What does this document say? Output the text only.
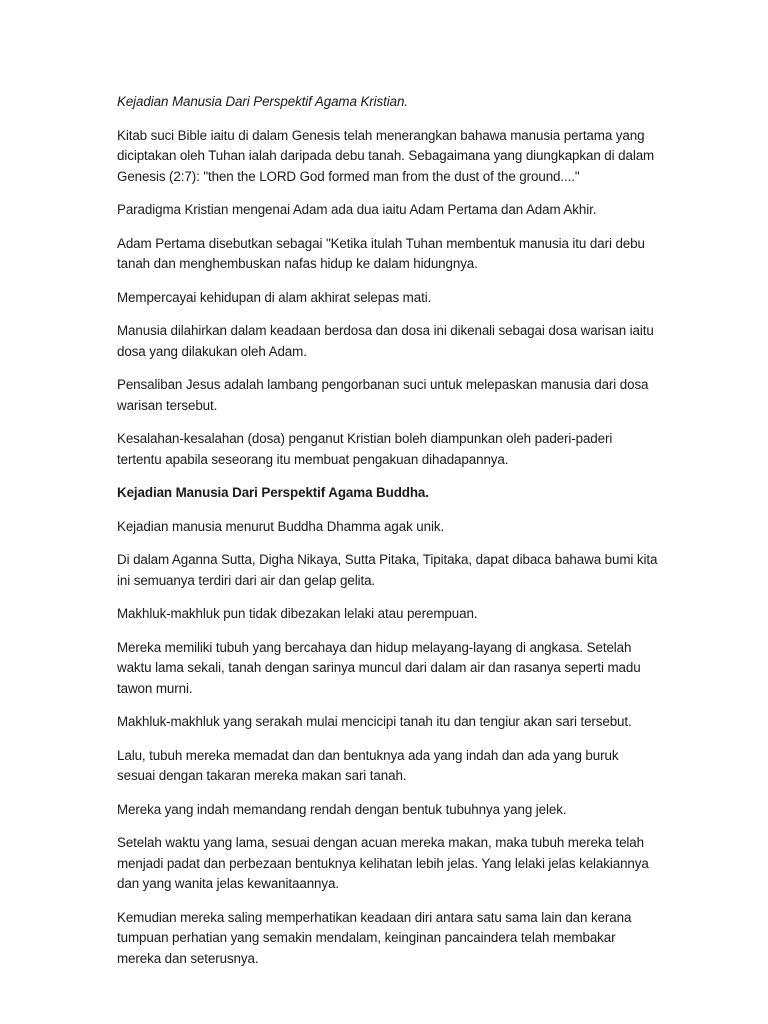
Kejadian Manusia Dari Perspektif Agama Kristian.

Kitab suci Bible iaitu di dalam Genesis telah menerangkan bahawa manusia pertama yang diciptakan oleh Tuhan ialah daripada debu tanah. Sebagaimana yang diungkapkan di dalam Genesis (2:7): "then the LORD God formed man from the dust of the ground...."

Paradigma Kristian mengenai Adam ada dua iaitu Adam Pertama dan Adam Akhir.

Adam Pertama disebutkan sebagai "Ketika itulah Tuhan membentuk manusia itu dari debu tanah dan menghembuskan nafas hidup ke dalam hidungnya.

Mempercayai kehidupan di alam akhirat selepas mati.

Manusia dilahirkan dalam keadaan berdosa dan dosa ini dikenali sebagai dosa warisan iaitu dosa yang dilakukan oleh Adam.

Pensaliban Jesus adalah lambang pengorbanan suci untuk melepaskan manusia dari dosa warisan tersebut.

Kesalahan-kesalahan (dosa) penganut Kristian boleh diampunkan oleh paderi-paderi tertentu apabila seseorang itu membuat pengakuan dihadapannya.

Kejadian Manusia Dari Perspektif Agama Buddha.

Kejadian manusia menurut Buddha Dhamma agak unik.

Di dalam Aganna Sutta, Digha Nikaya, Sutta Pitaka, Tipitaka, dapat dibaca bahawa bumi kita ini semuanya terdiri dari air dan gelap gelita.

Makhluk-makhluk pun tidak dibezakan lelaki atau perempuan.

Mereka memiliki tubuh yang bercahaya dan hidup melayang-layang di angkasa. Setelah waktu lama sekali, tanah dengan sarinya muncul dari dalam air dan rasanya seperti madu tawon murni.

Makhluk-makhluk yang serakah mulai mencicipi tanah itu dan tengiur akan sari tersebut.

Lalu, tubuh mereka memadat dan dan bentuknya ada yang indah dan ada yang buruk sesuai dengan takaran mereka makan sari tanah.

Mereka yang indah memandang rendah dengan bentuk tubuhnya yang jelek.

Setelah waktu yang lama, sesuai dengan acuan mereka makan, maka tubuh mereka telah menjadi padat dan perbezaan bentuknya kelihatan lebih jelas. Yang lelaki jelas kelakiannya dan yang wanita jelas kewanitaannya.

Kemudian mereka saling memperhatikan keadaan diri antara satu sama lain dan kerana tumpuan perhatian yang semakin mendalam, keinginan pancaindera telah membakar mereka dan seterusnya.
